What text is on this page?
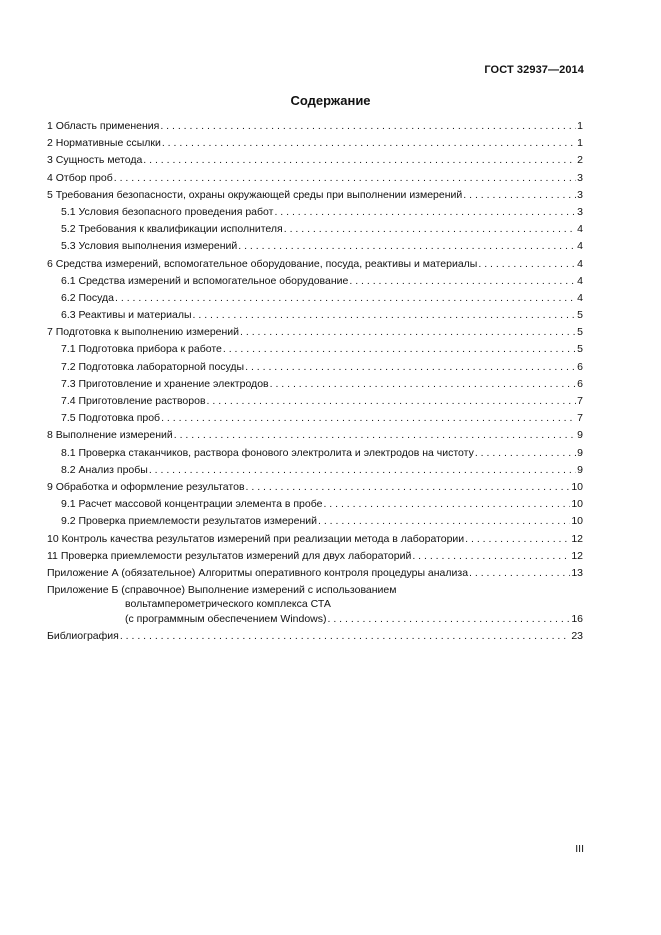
ГОСТ 32937—2014
Содержание
1 Область применения . . .	1
2 Нормативные ссылки . . .	1
3 Сущность метода . . .	2
4 Отбор проб . . .	3
5 Требования безопасности, охраны окружающей среды при выполнении измерений . . .	3
5.1 Условия безопасного проведения работ . . .	3
5.2 Требования к квалификации исполнителя . . .	4
5.3 Условия выполнения измерений . . .	4
6 Средства измерений, вспомогательное оборудование, посуда, реактивы и материалы . . .	4
6.1 Средства измерений и вспомогательное оборудование . . .	4
6.2 Посуда . . .	4
6.3 Реактивы и материалы . . .	5
7 Подготовка к выполнению измерений . . .	5
7.1 Подготовка прибора к работе . . .	5
7.2 Подготовка лабораторной посуды . . .	6
7.3 Приготовление и хранение электродов . . .	6
7.4 Приготовление растворов . . .	7
7.5 Подготовка проб . . .	7
8 Выполнение измерений . . .	9
8.1 Проверка стаканчиков, раствора фонового электролита и электродов на чистоту . . .	9
8.2 Анализ пробы . . .	9
9 Обработка и оформление результатов . . .	10
9.1 Расчет массовой концентрации элемента в пробе . . .	10
9.2 Проверка приемлемости результатов измерений . . .	10
10 Контроль качества результатов измерений при реализации метода в лаборатории . . .	12
11 Проверка приемлемости результатов измерений для двух лабораторий . . .	12
Приложение А (обязательное) Алгоритмы оперативного контроля процедуры анализа . . .	13
Приложение Б (справочное) Выполнение измерений с использованием
вольтамперометрического комплекса СТА
(с программным обеспечением Windows) . . .	16
Библиография . . .	23
III
